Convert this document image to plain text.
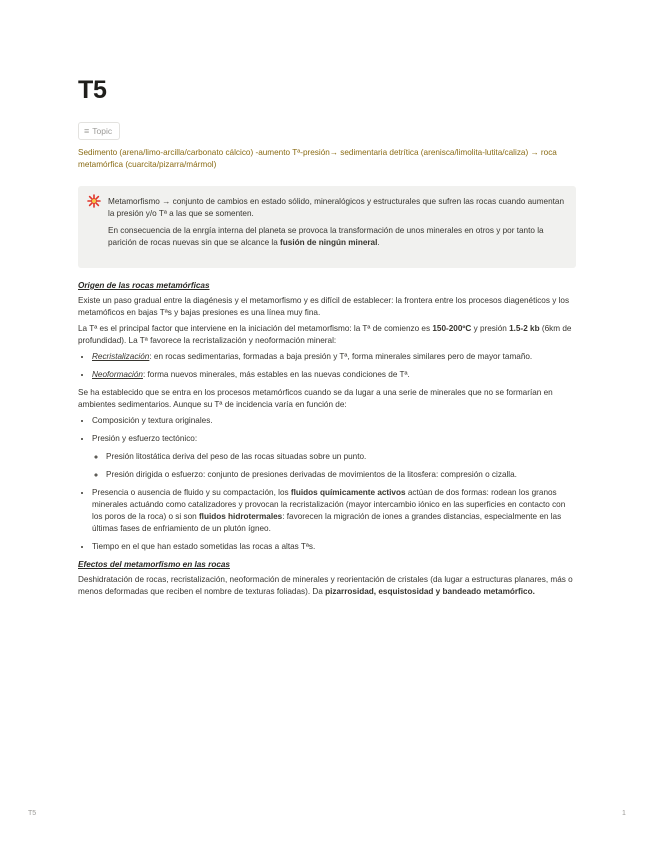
T5
≡ Topic

Sedimento (arena/limo-arcilla/carbonato cálcico) -aumento Tª-presión→ sedimentaria detrítica (arenisca/limolita-lutita/caliza) → roca metamórfica (cuarcita/pizarra/mármol)

Metamorfismo → conjunto de cambios en estado sólido, mineralógicos y estructurales que sufren las rocas cuando aumentan la presión y/o Tª a las que se somenten.

En consecuencia de la enrgía interna del planeta se provoca la transformación de unos minerales en otros y por tanto la parición de rocas nuevas sin que se alcance la fusión de ningún mineral.

Origen de las rocas metamórficas

Existe un paso gradual entre la diagénesis y el metamorfismo y es difícil de establecer: la frontera entre los procesos diagenéticos y los metamóficos en bajas Tªs y bajas presiones es una línea muy fina.

La Tª es el principal factor que interviene en la iniciación del metamorfismo: la Tª de comienzo es 150-200ºC y presión 1.5-2 kb (6km de profundidad). La Tª favorece la recristalización y neoformación mineral:

• Recristalización: en rocas sedimentarias, formadas a baja presión y Tª, forma minerales similares pero de mayor tamaño.
• Neoformación: forma nuevos minerales, más estables en las nuevas condiciones de Tª.

Se ha establecido que se entra en los procesos metamórficos cuando se da lugar a una serie de minerales que no se formarían en ambientes sedimentarios. Aunque su Tª de incidencia varía en función de:

• Composición y textura originales.
• Presión y esfuerzo tectónico:
◦ Presión litostática deriva del peso de las rocas situadas sobre un punto.
◦ Presión dirigida o esfuerzo: conjunto de presiones derivadas de movimientos de la litosfera: compresión o cizalla.
• Presencia o ausencia de fluido y su compactación, los fluidos químicamente activos actúan de dos formas: rodean los granos minerales actuándo como catalizadores y provocan la recristalización (mayor intercambio iónico en las superficies en contacto con los poros de la roca) o si son fluidos hidrotermales: favorecen la migración de iones a grandes distancias, especialmente en las últimas fases de enfriamiento de un plutón ígneo.
• Tiempo en el que han estado sometidas las rocas a altas Tªs.

Efectos del metamorfismo en las rocas

Deshidratación de rocas, recristalización, neoformación de minerales y reorientación de cristales (da lugar a estructuras planares, más o menos deformadas que reciben el nombre de texturas foliadas). Da pizarrosidad, esquistosidad y bandeado metamórfico.

T5	1
